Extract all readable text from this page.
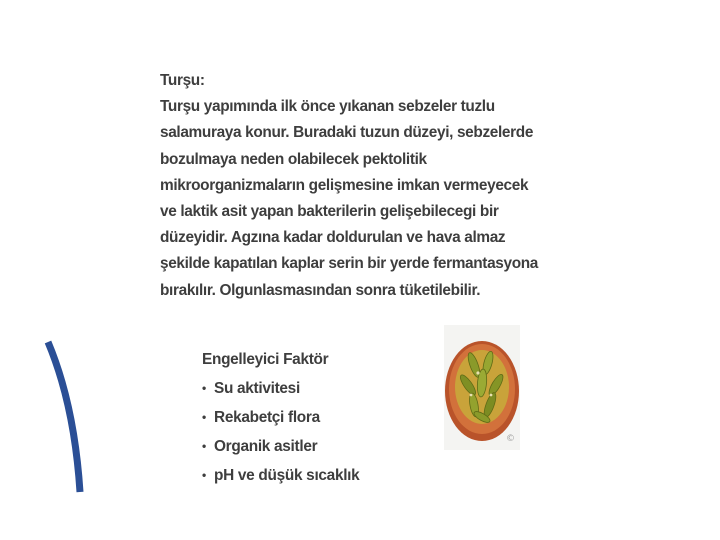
Turşu:
Turşu yapımında ilk önce yıkanan sebzeler tuzlu
salamuraya konur. Buradaki tuzun düzeyi, sebzelerde
bozulmaya neden olabilecek pektolitik
mikroorganizmaların gelişmesine imkan vermeyecek
ve laktik asit yapan bakterilerin gelişebilecegi bir
düzeyidir. Agzına kadar doldurulan ve hava almaz
şekilde kapatılan kaplar serin bir yerde fermantasyona
bırakılır. Olgunlasmasından sonra tüketilebilir.
Engelleyici Faktör
• Su aktivitesi
• Rekabetçi flora
• Organik asitler
• pH ve düşük sıcaklık
©
